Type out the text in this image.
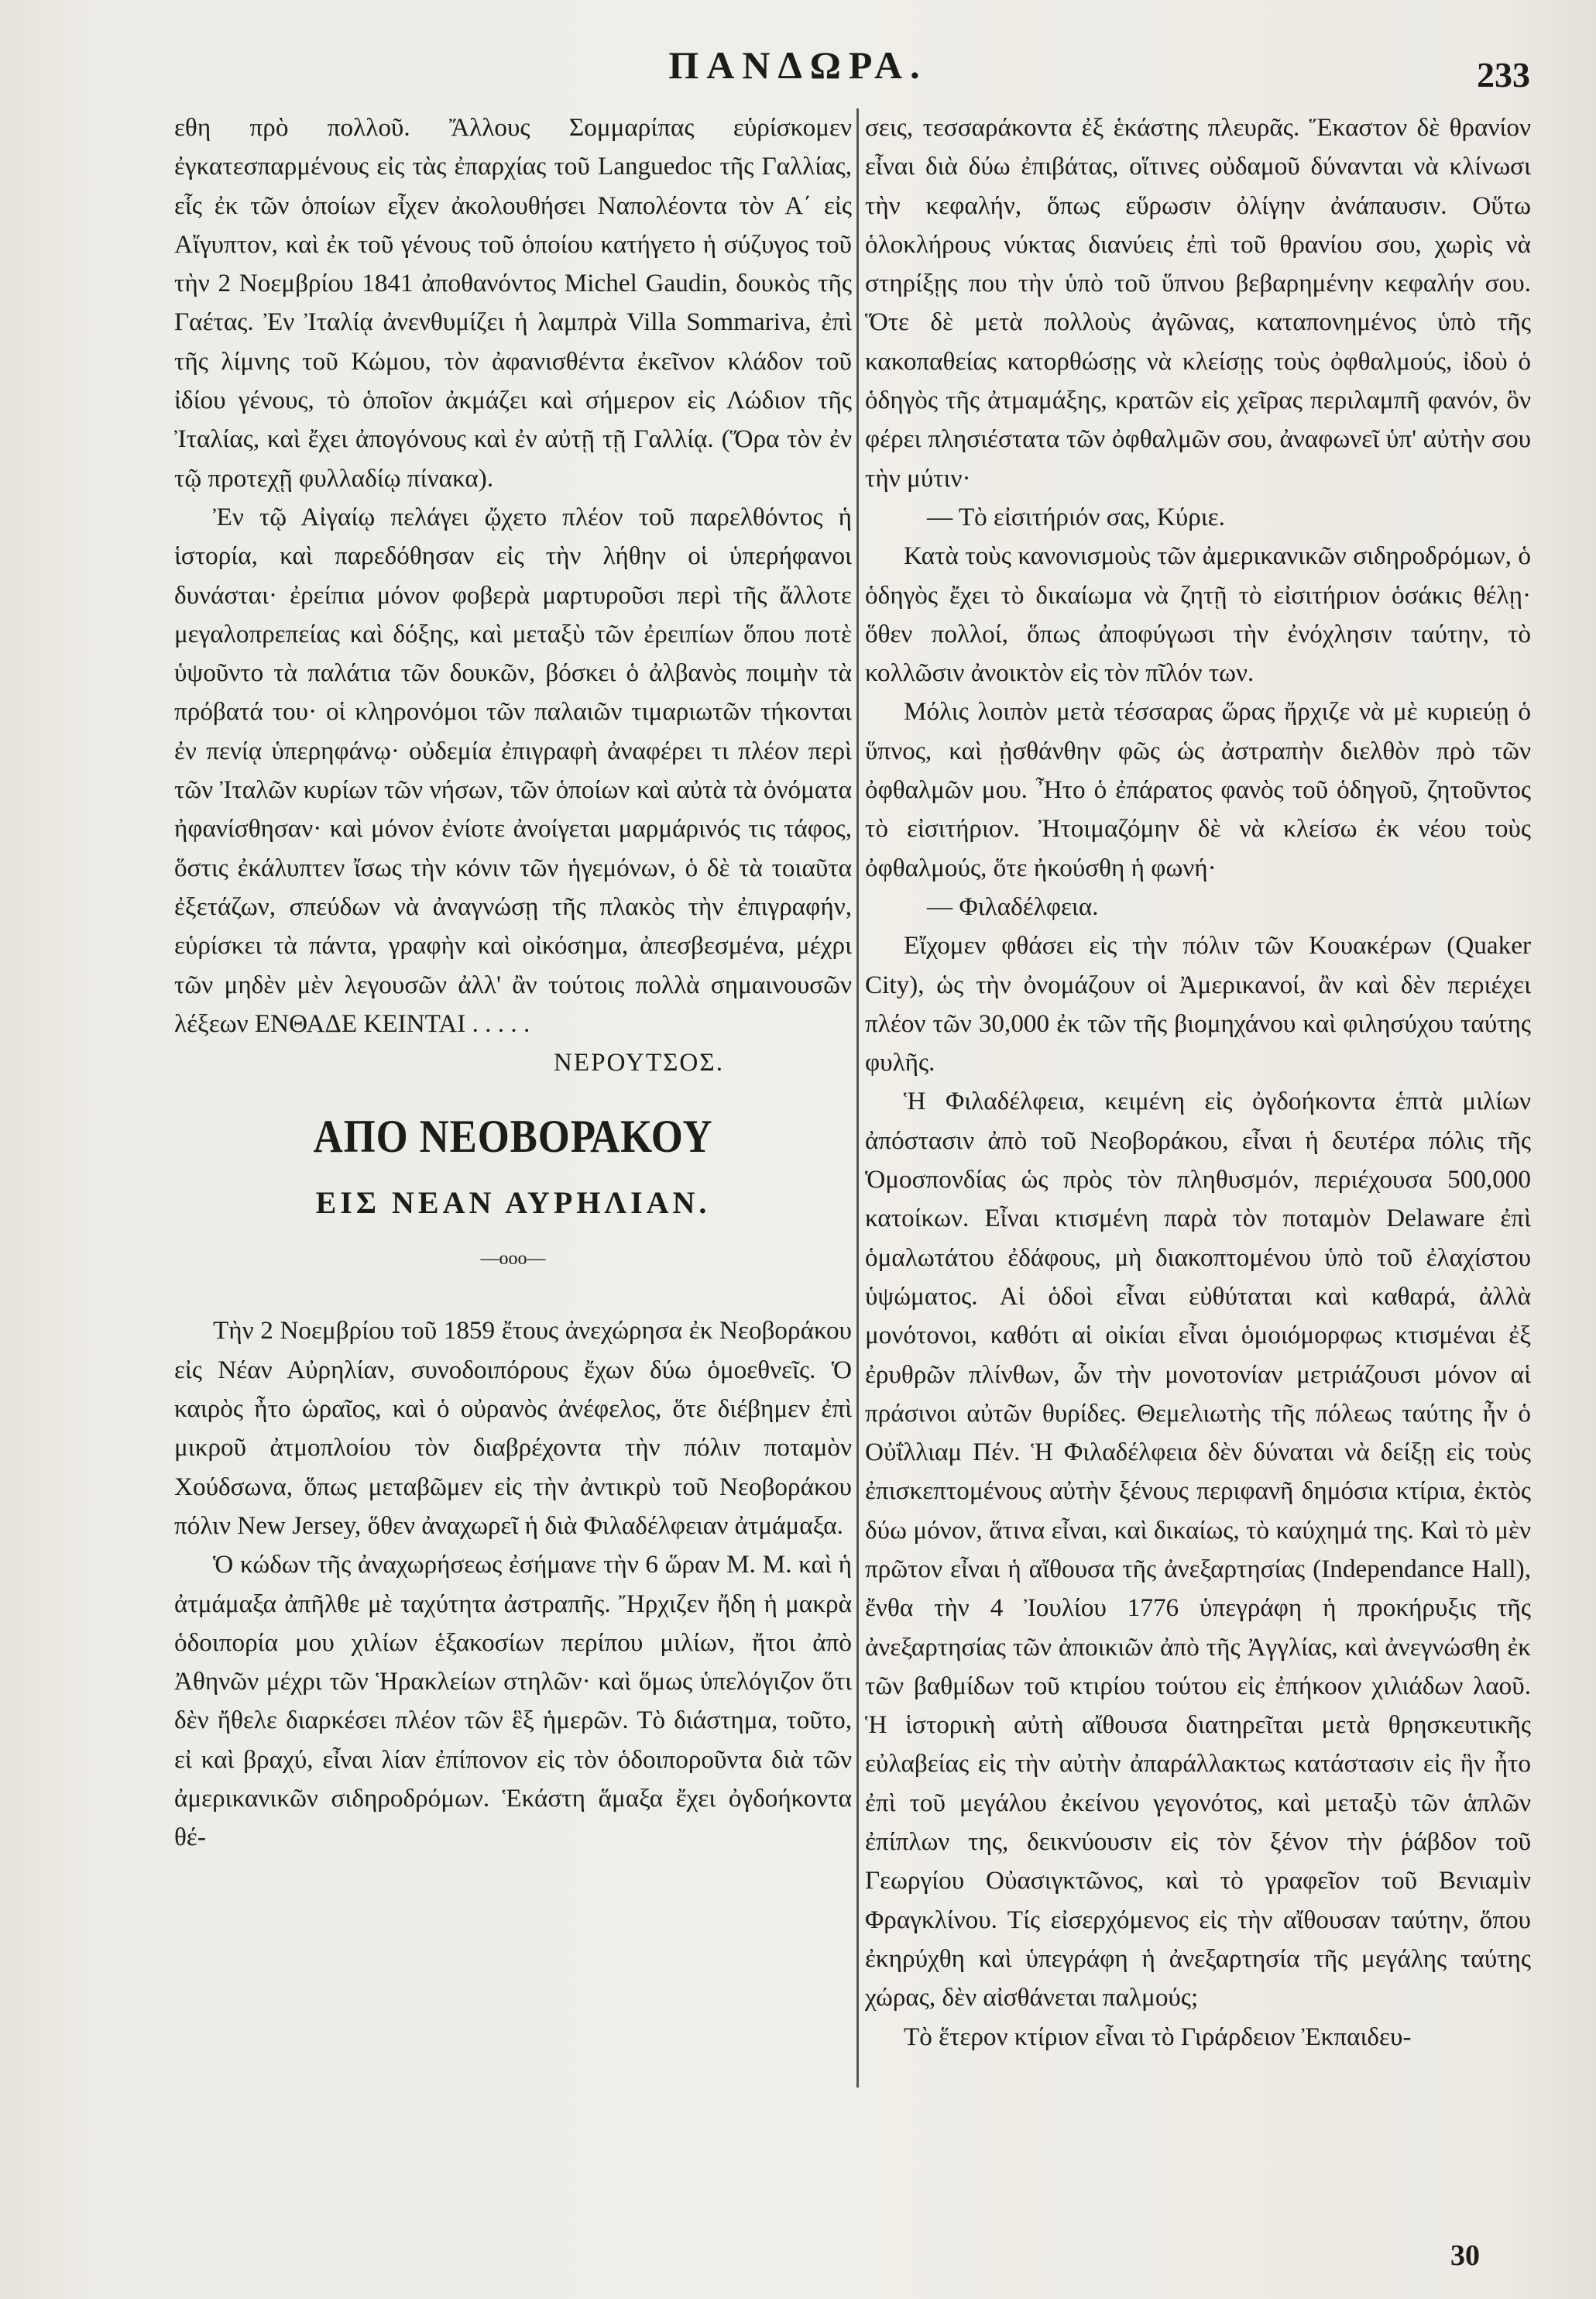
ΠΑΝΔΩΡΑ.	233

εθη πρὸ πολλοῦ. Ἄλλους Σομμαρίπας εὑρίσκομεν ἐγκατεσπαρμένους εἰς τὰς ἐπαρχίας τοῦ Languedoc τῆς Γαλλίας, εἷς ἐκ τῶν ὁποίων εἶχεν ἀκολουθήσει Ναπολέοντα τὸν Α΄ εἰς Αἴγυπτον, καὶ ἐκ τοῦ γένους τοῦ ὁποίου κατήγετο ἡ σύζυγος τοῦ τὴν 2 Νοεμβρίου 1841 ἀποθανόντος Michel Gaudin, δουκὸς τῆς Γαέτας. Ἐν Ἰταλίᾳ ἀνενθυμίζει ἡ λαμπρὰ Villa Sommariva, ἐπὶ τῆς λίμνης τοῦ Κώμου, τὸν ἀφανισθέντα ἐκεῖνον κλάδον τοῦ ἰδίου γένους, τὸ ὁποῖον ἀκμάζει καὶ σήμερον εἰς Λώδιον τῆς Ἰταλίας, καὶ ἔχει ἀπογόνους καὶ ἐν αὐτῇ τῇ Γαλλίᾳ. (Ὅρα τὸν ἐν τῷ προτεχῇ φυλλαδίῳ πίνακα).

Ἐν τῷ Αἰγαίῳ πελάγει ᾤχετο πλέον τοῦ παρελθόντος ἡ ἱστορία, καὶ παρεδόθησαν εἰς τὴν λήθην οἱ ὑπερήφανοι δυνάσται· ἐρείπια μόνον φοβερὰ μαρτυροῦσι περὶ τῆς ἄλλοτε μεγαλοπρεπείας καὶ δόξης, καὶ μεταξὺ τῶν ἐρειπίων ὅπου ποτὲ ὑψοῦντο τὰ παλάτια τῶν δουκῶν, βόσκει ὁ ἀλβανὸς ποιμὴν τὰ πρόβατά του· οἱ κληρονόμοι τῶν παλαιῶν τιμαριωτῶν τήκονται ἐν πενίᾳ ὑπερηφάνῳ· οὐδεμία ἐπιγραφὴ ἀναφέρει τι πλέον περὶ τῶν Ἰταλῶν κυρίων τῶν νήσων, τῶν ὁποίων καὶ αὐτὰ τὰ ὀνόματα ἠφανίσθησαν· καὶ μόνον ἐνίοτε ἀνοίγεται μαρμάρινός τις τάφος, ὅστις ἐκάλυπτεν ἴσως τὴν κόνιν τῶν ἡγεμόνων, ὁ δὲ τὰ τοιαῦτα ἐξετάζων, σπεύδων νὰ ἀναγνώσῃ τῆς πλακὸς τὴν ἐπιγραφήν, εὑρίσκει τὰ πάντα, γραφὴν καὶ οἰκόσημα, ἀπεσβεσμένα, μέχρι τῶν μηδὲν μὲν λεγουσῶν ἀλλ' ἂν τούτοις πολλὰ σημαινουσῶν λέξεων ΕΝΘΑΔΕ ΚΕΙΝΤΑΙ . . . . .

ΝΕΡΟΥΤΣΟΣ.

ΑΠΟ ΝΕΟΒΟΡΑΚΟΥ
ΕΙΣ ΝΕΑΝ ΑΥΡΗΛΙΑΝ.
—ooo—

Τὴν 2 Νοεμβρίου τοῦ 1859 ἔτους ἀνεχώρησα ἐκ Νεοβοράκου εἰς Νέαν Αὐρηλίαν, συνοδοιπόρους ἔχων δύω ὁμοεθνεῖς. Ὁ καιρὸς ἦτο ὡραῖος, καὶ ὁ οὐρανὸς ἀνέφελος, ὅτε διέβημεν ἐπὶ μικροῦ ἀτμοπλοίου τὸν διαβρέχοντα τὴν πόλιν ποταμὸν Χούδσωνα, ὅπως μεταβῶμεν εἰς τὴν ἀντικρὺ τοῦ Νεοβοράκου πόλιν New Jersey, ὅθεν ἀναχωρεῖ ἡ διὰ Φιλαδέλφειαν ἀτμάμαξα.

Ὁ κώδων τῆς ἀναχωρήσεως ἐσήμανε τὴν 6 ὥραν Μ. Μ. καὶ ἡ ἀτμάμαξα ἀπῆλθε μὲ ταχύτητα ἀστραπῆς. Ἤρχιζεν ἤδη ἡ μακρὰ ὁδοιπορία μου χιλίων ἑξακοσίων περίπου μιλίων, ἤτοι ἀπὸ Ἀθηνῶν μέχρι τῶν Ἡρακλείων στηλῶν· καὶ ὅμως ὑπελόγιζον ὅτι δὲν ἤθελε διαρκέσει πλέον τῶν ἓξ ἡμερῶν. Τὸ διάστημα, τοῦτο, εἰ καὶ βραχύ, εἶναι λίαν ἐπίπονον εἰς τὸν ὁδοιποροῦντα διὰ τῶν ἀμερικανικῶν σιδηροδρόμων. Ἑκάστη ἅμαξα ἔχει ὀγδοήκοντα θέ-

σεις, τεσσαράκοντα ἐξ ἑκάστης πλευρᾶς. Ἕκαστον δὲ θρανίον εἶναι διὰ δύω ἐπιβάτας, οἵτινες οὐδαμοῦ δύνανται νὰ κλίνωσι τὴν κεφαλήν, ὅπως εὕρωσιν ὀλίγην ἀνάπαυσιν. Οὕτω ὁλοκλήρους νύκτας διανύεις ἐπὶ τοῦ θρανίου σου, χωρὶς νὰ στηρίξῃς που τὴν ὑπὸ τοῦ ὕπνου βεβαρημένην κεφαλήν σου. Ὅτε δὲ μετὰ πολλοὺς ἀγῶνας, καταπονημένος ὑπὸ τῆς κακοπαθείας κατορθώσῃς νὰ κλείσῃς τοὺς ὀφθαλμούς, ἰδοὺ ὁ ὁδηγὸς τῆς ἀτμαμάξης, κρατῶν εἰς χεῖρας περιλαμπῆ φανόν, ὃν φέρει πλησιέστατα τῶν ὀφθαλμῶν σου, ἀναφωνεῖ ὑπ' αὐτὴν σου τὴν μύτιν·

— Τὸ εἰσιτήριόν σας, Κύριε.

Κατὰ τοὺς κανονισμοὺς τῶν ἀμερικανικῶν σιδηροδρόμων, ὁ ὁδηγὸς ἔχει τὸ δικαίωμα νὰ ζητῇ τὸ εἰσιτήριον ὁσάκις θέλῃ· ὅθεν πολλοί, ὅπως ἀποφύγωσι τὴν ἐνόχλησιν ταύτην, τὸ κολλῶσιν ἀνοικτὸν εἰς τὸν πῖλόν των.

Μόλις λοιπὸν μετὰ τέσσαρας ὥρας ἤρχιζε νὰ μὲ κυριεύῃ ὁ ὕπνος, καὶ ᾐσθάνθην φῶς ὡς ἀστραπὴν διελθὸν πρὸ τῶν ὀφθαλμῶν μου. Ἦτο ὁ ἐπάρατος φανὸς τοῦ ὁδηγοῦ, ζητοῦντος τὸ εἰσιτήριον. Ἠτοιμαζόμην δὲ νὰ κλείσω ἐκ νέου τοὺς ὀφθαλμούς, ὅτε ἠκούσθη ἡ φωνή·

— Φιλαδέλφεια.

Εἴχομεν φθάσει εἰς τὴν πόλιν τῶν Κουακέρων (Quaker City), ὡς τὴν ὀνομάζουν οἱ Ἀμερικανοί, ἂν καὶ δὲν περιέχει πλέον τῶν 30,000 ἐκ τῶν τῆς βιομηχάνου καὶ φιλησύχου ταύτης φυλῆς.

Ἡ Φιλαδέλφεια, κειμένη εἰς ὀγδοήκοντα ἑπτὰ μιλίων ἀπόστασιν ἀπὸ τοῦ Νεοβοράκου, εἶναι ἡ δευτέρα πόλις τῆς Ὁμοσπονδίας ὡς πρὸς τὸν πληθυσμόν, περιέχουσα 500,000 κατοίκων. Εἶναι κτισμένη παρὰ τὸν ποταμὸν Delaware ἐπὶ ὁμαλωτάτου ἐδάφους, μὴ διακοπτομένου ὑπὸ τοῦ ἐλαχίστου ὑψώματος. Αἱ ὁδοὶ εἶναι εὐθύταται καὶ καθαρά, ἀλλὰ μονότονοι, καθότι αἱ οἰκίαι εἶναι ὁμοιόμορφως κτισμέναι ἐξ ἐρυθρῶν πλίνθων, ὧν τὴν μονοτονίαν μετριάζουσι μόνον αἱ πράσινοι αὐτῶν θυρίδες. Θεμελιωτὴς τῆς πόλεως ταύτης ἦν ὁ Οὐΐλλιαμ Πέν. Ἡ Φιλαδέλφεια δὲν δύναται νὰ δείξῃ εἰς τοὺς ἐπισκεπτομένους αὐτὴν ξένους περιφανῆ δημόσια κτίρια, ἐκτὸς δύω μόνον, ἅτινα εἶναι, καὶ δικαίως, τὸ καύχημά της. Καὶ τὸ μὲν πρῶτον εἶναι ἡ αἴθουσα τῆς ἀνεξαρτησίας (Independance Hall), ἔνθα τὴν 4 Ἰουλίου 1776 ὑπεγράφη ἡ προκήρυξις τῆς ἀνεξαρτησίας τῶν ἀποικιῶν ἀπὸ τῆς Ἀγγλίας, καὶ ἀνεγνώσθη ἐκ τῶν βαθμίδων τοῦ κτιρίου τούτου εἰς ἐπήκοον χιλιάδων λαοῦ. Ἡ ἱστορικὴ αὐτὴ αἴθουσα διατηρεῖται μετὰ θρησκευτικῆς εὐλαβείας εἰς τὴν αὐτὴν ἀπαράλλακτως κατάστασιν εἰς ἣν ἦτο ἐπὶ τοῦ μεγάλου ἐκείνου γεγονότος, καὶ μεταξὺ τῶν ἁπλῶν ἐπίπλων της, δεικνύουσιν εἰς τὸν ξένον τὴν ῥάβδον τοῦ Γεωργίου Οὐασιγκτῶνος, καὶ τὸ γραφεῖον τοῦ Βενιαμὶν Φραγκλίνου. Τίς εἰσερχόμενος εἰς τὴν αἴθουσαν ταύτην, ὅπου ἐκηρύχθη καὶ ὑπεγράφη ἡ ἀνεξαρτησία τῆς μεγάλης ταύτης χώρας, δὲν αἰσθάνεται παλμούς;

Τὸ ἕτερον κτίριον εἶναι τὸ Γιράρδειον Ἐκπαιδευ-

30
